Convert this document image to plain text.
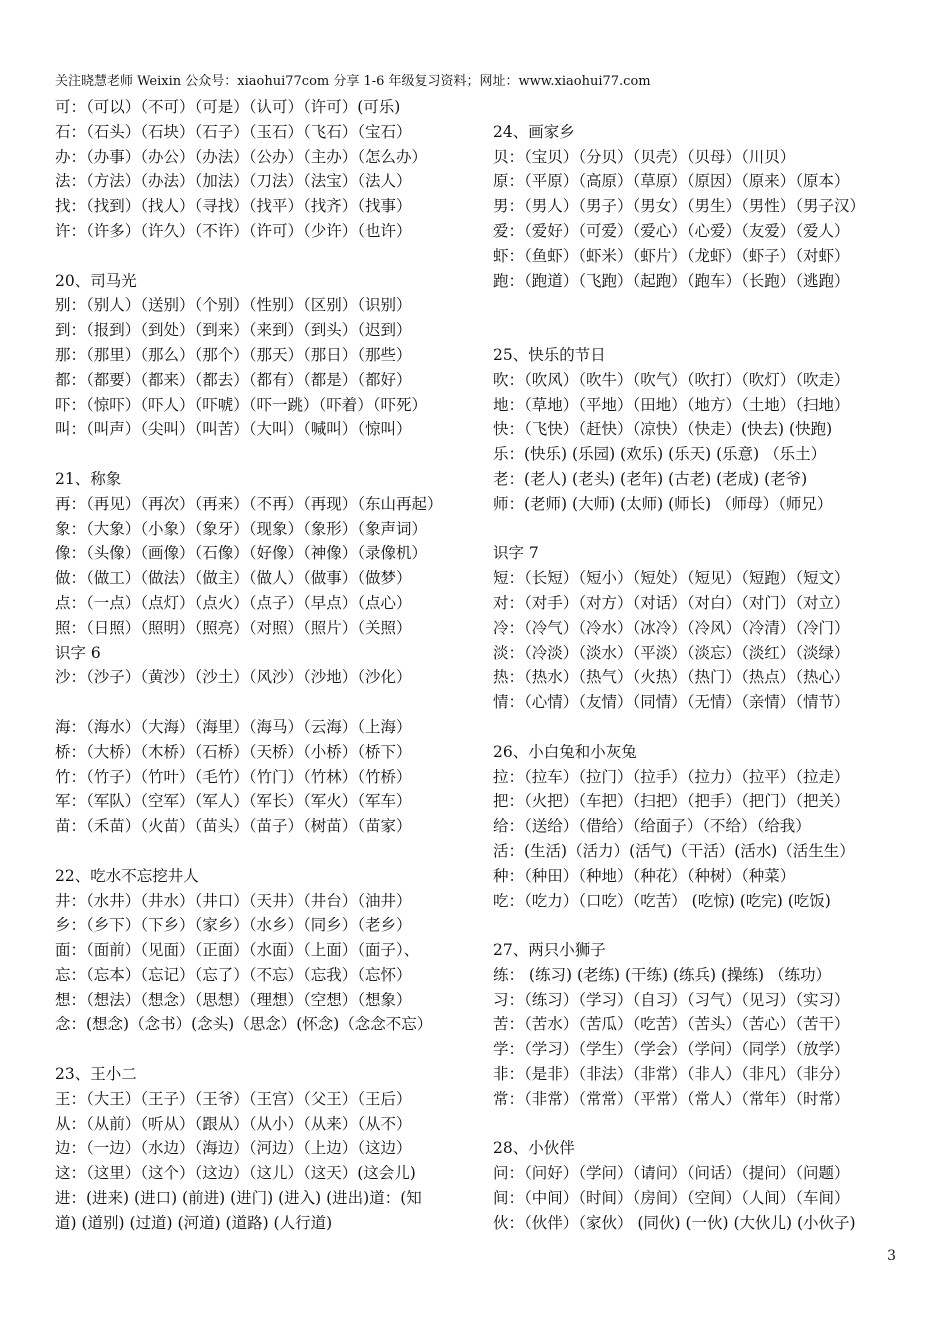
关注晓慧老师 Weixin 公众号：xiaohui77com 分享 1-6 年级复习资料；网址：www.xiaohui77.com
可：（可以）（不可）（可是）（认可）（许可）(可乐)
石：（石头）（石块）（石子）（玉石）（飞石）（宝石）
办：（办事）（办公）（办法）（公办）（主办）（怎么办）
法：（方法）（办法）（加法）（刀法）（法宝）（法人）
找：（找到）（找人）（寻找）（找平）（找齐）（找事）
许：（许多）（许久）（不许）（许可）（少许）（也许）
20、司马光
别：（别人）（送别）（个别）（性别）（区别）（识别）
到：（报到）（到处）（到来）（来到）（到头）（迟到）
那：（那里）（那么）（那个）（那天）（那日）（那些）
都：（都要）（都来）（都去）（都有）（都是）（都好）
吓：（惊吓）（吓人）（吓唬）（吓一跳）（吓着）（吓死）
叫：（叫声）（尖叫）（叫苦）（大叫）（喊叫）（惊叫）
21、称象
再：（再见）（再次）（再来）（不再）（再现）（东山再起）
象：（大象）（小象）（象牙）（现象）（象形）（象声词）
像：（头像）（画像）（石像）（好像）（神像）（录像机）
做：（做工）（做法）（做主）（做人）（做事）（做梦）
点：（一点）（点灯）（点火）（点子）（早点）（点心）
照：（日照）（照明）（照亮）（对照）（照片）（关照）
识字 6
沙：（沙子）（黄沙）（沙土）（风沙）（沙地）（沙化）
海：（海水）（大海）（海里）（海马）（云海）（上海）
桥：（大桥）（木桥）（石桥）（天桥）（小桥）（桥下）
竹：（竹子）（竹叶）（毛竹）（竹门）（竹林）（竹桥）
军：（军队）（空军）（军人）（军长）（军火）（军车）
苗：（禾苗）（火苗）（苗头）（苗子）（树苗）（苗家）
22、吃水不忘挖井人
井：（水井）（井水）（井口）（天井）（井台）（油井）
乡：（乡下）（下乡）（家乡）（水乡）（同乡）（老乡）
面：（面前）（见面）（正面）（水面）（上面）（面子）、
忘：（忘本）（忘记）（忘了）（不忘）（忘我）（忘怀）
想：（想法）（想念）（思想）（理想）（空想）（想象）
念：(想念)（念书）(念头)（思念）(怀念)（念念不忘）
23、王小二
王：（大王）（王子）（王爷）（王宫）（父王）（王后）
从：（从前）（听从）（跟从）（从小）（从来）（从不）
边：（一边）（水边）（海边）（河边）（上边）（这边）
这：（这里）（这个）（这边）（这儿）（这天）(这会儿)
进：(进来) (进口) (前进) (进门) (进入) (进出)道：(知
道) (道别) (过道) (河道) (道路) (人行道)
24、画家乡
贝：（宝贝）（分贝）（贝壳）（贝母）（川贝）
原：（平原）（高原）（草原）（原因）（原来）（原本）
男：（男人）（男子）（男女）（男生）（男性）（男子汉）
爱：（爱好）（可爱）（爱心）（心爱）（友爱）（爱人）
虾：（鱼虾）（虾米）（虾片）（龙虾）（虾子）（对虾）
跑：（跑道）（飞跑）（起跑）（跑车）（长跑）（逃跑）
25、快乐的节日
吹：（吹风）（吹牛）（吹气）（吹打）（吹灯）（吹走）
地：（草地）（平地）（田地）（地方）（土地）（扫地）
快：（飞快）（赶快）（凉快）（快走）(快去) (快跑)
乐：(快乐) (乐园) (欢乐) (乐天) (乐意) （乐土）
老：(老人) (老头) (老年) (古老) (老成) (老爷)
师：(老师) (大师) (太师) (师长) （师母）（师兄）
识字 7
短：（长短）（短小）（短处）（短见）（短跑）（短文）
对：（对手）（对方）（对话）（对白）（对门）（对立）
冷：（冷气）（冷水）（冰冷）（冷风）（冷清）（冷门）
淡：（冷淡）（淡水）（平淡）（淡忘）（淡红）（淡绿）
热：（热水）（热气）（火热）（热门）（热点）（热心）
情：（心情）（友情）（同情）（无情）（亲情）（情节）
26、小白兔和小灰兔
拉：（拉车）（拉门）（拉手）（拉力）（拉平）（拉走）
把：（火把）（车把）（扫把）（把手）（把门）（把关）
给：（送给）（借给）（给面子）（不给）（给我）
活：(生活)（活力）(活气)（干活）(活水)（活生生）
种：（种田）（种地）（种花）（种树）（种菜）
吃：（吃力）（口吃）（吃苦） (吃惊) (吃完) (吃饭)
27、两只小狮子
练： (练习) (老练) (干练) (练兵) (操练) （练功）
习：（练习）（学习）（自习）（习气）（见习）（实习）
苦：（苦水）（苦瓜）（吃苦）（苦头）（苦心）（苦干）
学：（学习）（学生）（学会）（学问）（同学）（放学）
非：（是非）（非法）（非常）（非人）（非凡）（非分）
常：（非常）（常常）（平常）（常人）（常年）（时常）
28、小伙伴
问：（问好）（学问）（请问）（问话）（提问）（问题）
间：（中间）（时间）（房间）（空间）（人间）（车间）
伙：（伙伴）（家伙） (同伙) (一伙) (大伙儿) (小伙子)
3
